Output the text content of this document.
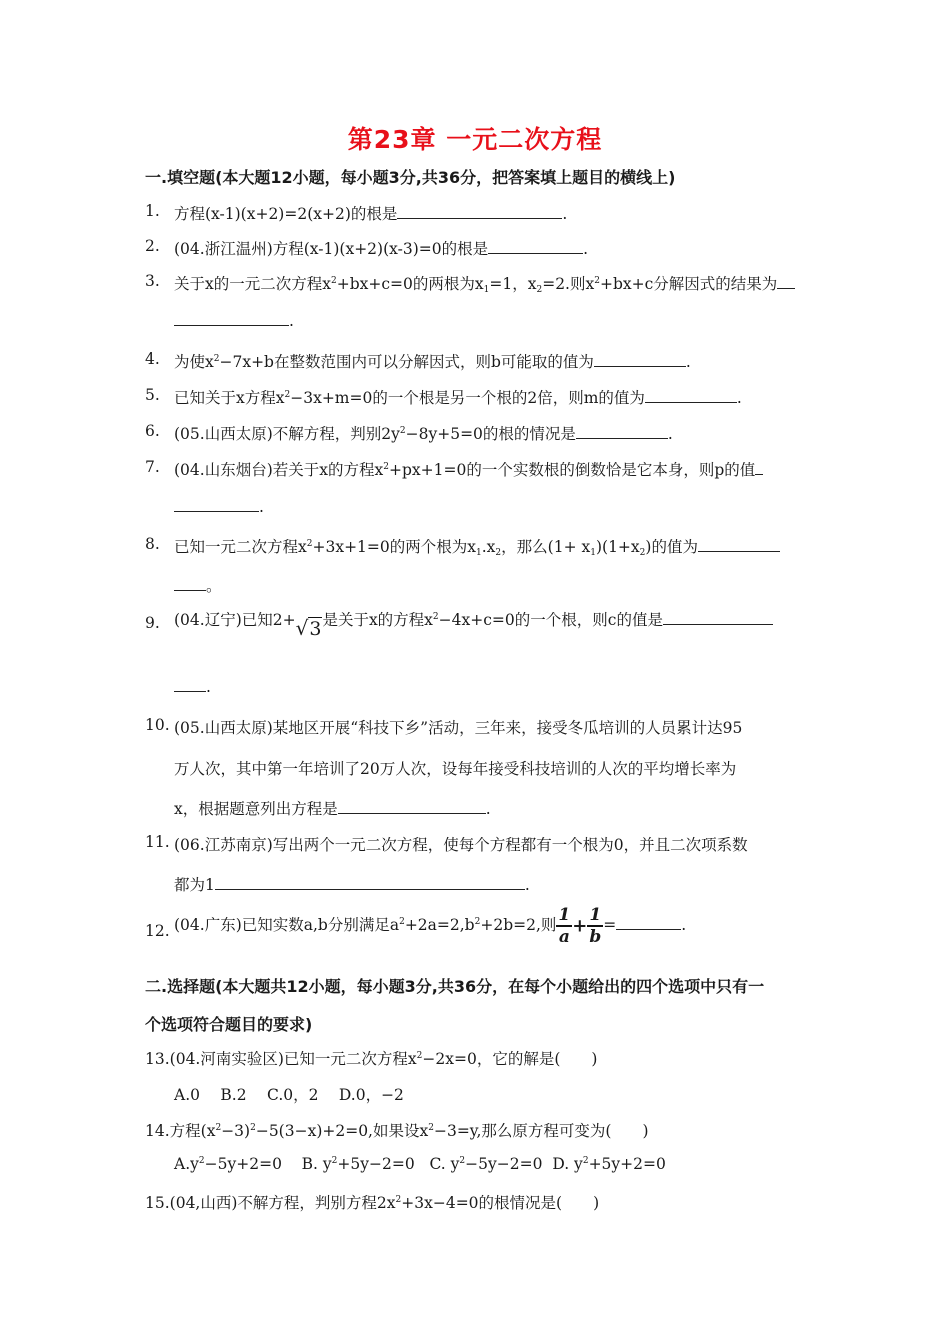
第23章 一元二次方程
一.填空题(本大题12小题，每小题3分,共36分，把答案填上题目的横线上)
1. 方程(x-1)(x+2)=2(x+2)的根是	.
2. (04.浙江温州)方程(x-1)(x+2)(x-3)=0的根是	.
3. 关于x的一元二次方程$x^2+bx+c=0$的两根为$x_1=1$，$x_2=2$.则$x^2+bx+c$分解因式的结果为
.
4. 为使$x^2-7x+b$在整数范围内可以分解因式，则b可能取的值为	.
5. 已知关于x方程$x^2-3x+m=0$的一个根是另一个根的2倍，则m的值为	.
6. (05.山西太原)不解方程，判别$2y^2-8y+5=0$的根的情况是	.
7. (04.山东烟台)若关于x的方程$x^2+px+1=0$的一个实数根的倒数恰是它本身，则p的值
.
8. 已知一元二次方程$x^2+3x+1=0$的两个根为$x_1.x_2$，那么$(1+ x_1)(1+x_2)$的值为
。
9. (04.辽宁)已知2+√3是关于x的方程$x^2-4x+c=0$的一个根，则c的值是
.
10. (05.山西太原)某地区开展“科技下乡”活动，三年来，接受冬瓜培训的人员累计达95
万人次，其中第一年培训了20万人次，设每年接受科技培训的人次的平均增长率为
x，根据题意列出方程是	.
11. (06.江苏南京)写出两个一元二次方程，使每个方程都有一个根为0，并且二次项系数
都为1	.
12. (04.广东)已知实数a,b分别满足$a^2+2a=2,b^2+2b=2$,则 $\frac{1}{a} + \frac{1}{b}$ =	.
二.选择题(本大题共12小题，每小题3分,共36分，在每个小题给出的四个选项中只有一
个选项符合题目的要求)
13.(04.河南实验区)已知一元二次方程$x^2-2x=0$，它的解是(　　)
A.0　 B.2　 C.0，2　 D.0，−2
14.方程$(x^2-3)^2-5(3-x)+2=0$,如果设$x^2-3=y$,那么原方程可变为(　　)
$A.y^2-5y+2=0$ B. $y^2+5y-2=0$ C. $y^2-5y-2=0$ D. $y^2+5y+2=0$
15.(04,山西)不解方程，判别方程$2x^2+3x-4=0$的根情况是(　　)
